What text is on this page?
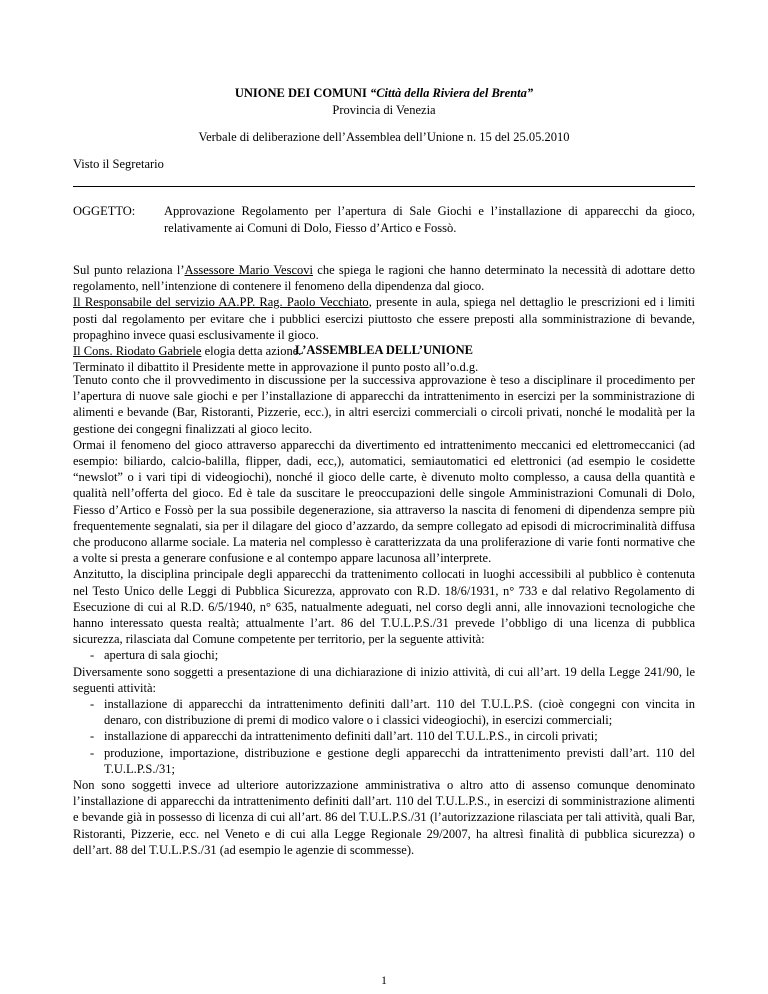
UNIONE DEI COMUNI “Città della Riviera del Brenta”

Provincia di Venezia

Verbale di deliberazione dell’Assemblea dell’Unione n. 15 del 25.05.2010

Visto il Segretario

OGGETTO: Approvazione Regolamento per l’apertura di Sale Giochi e l’installazione di apparecchi da gioco, relativamente ai Comuni di Dolo, Fiesso d’Artico e Fossò.

Sul punto relaziona l’Assessore Mario Vescovi che spiega le ragioni che hanno determinato la necessità di adottare detto regolamento, nell’intenzione di contenere il fenomeno della dipendenza dal gioco.
Il Responsabile del servizio AA.PP. Rag. Paolo Vecchiato, presente in aula, spiega nel dettaglio le prescrizioni ed i limiti posti dal regolamento per evitare che i pubblici esercizi piuttosto che essere preposti alla somministrazione di bevande, propaghino invece quasi esclusivamente il gioco.
Il Cons. Riodato Gabriele elogia detta azione.
Terminato il dibattito il Presidente mette in approvazione il punto posto all’o.d.g.

L’ASSEMBLEA DELL’UNIONE

Tenuto conto che il provvedimento in discussione per la successiva approvazione è teso a disciplinare il procedimento per l’apertura di nuove sale giochi e per l’installazione di apparecchi da intrattenimento in esercizi per la somministrazione di alimenti e bevande (Bar, Ristoranti, Pizzerie, ecc.), in altri esercizi commerciali o circoli privati, nonché le modalità per la gestione dei congegni finalizzati al gioco lecito.

Ormai il fenomeno del gioco attraverso apparecchi da divertimento ed intrattenimento meccanici ed elettromeccanici (ad esempio: biliardo, calcio-balilla, flipper, dadi, ecc,), automatici, semiautomatici ed elettronici (ad esempio le cosidette “newslot” o i vari tipi di videogiochi), nonché il gioco delle carte, è divenuto molto complesso, a causa della quantità e qualità nell’offerta del gioco. Ed è tale da suscitare le preoccupazioni delle singole Amministrazioni Comunali di Dolo, Fiesso d’Artico e Fossò per la sua possibile degenerazione, sia attraverso la nascita di fenomeni di dipendenza sempre più frequentemente segnalati, sia per il dilagare del gioco d’azzardo, da sempre collegato ad episodi di microcriminalità diffusa che producono allarme sociale. La materia nel complesso è caratterizzata da una proliferazione di varie fonti normative che a volte si presta a generare confusione e al contempo appare lacunosa all’interprete.

Anzitutto, la disciplina principale degli apparecchi da trattenimento collocati in luoghi accessibili al pubblico è contenuta nel Testo Unico delle Leggi di Pubblica Sicurezza, approvato con R.D. 18/6/1931, n° 733 e dal relativo Regolamento di Esecuzione di cui al R.D. 6/5/1940, n° 635, natualmente adeguati, nel corso degli anni, alle innovazioni tecnologiche che hanno interessato questa realtà; attualmente l’art. 86 del T.U.L.P.S./31 prevede l’obbligo di una licenza di pubblica sicurezza, rilasciata dal Comune competente per territorio, per la seguente attività:

- apertura di sala giochi;

Diversamente sono soggetti a presentazione di una dichiarazione di inizio attività, di cui all’art. 19 della Legge 241/90, le seguenti attività:

- installazione di apparecchi da intrattenimento definiti dall’art. 110 del T.U.L.P.S. (cioè congegni con vincita in denaro, con distribuzione di premi di modico valore o i classici videogiochi), in esercizi commerciali;
- installazione di apparecchi da intrattenimento definiti dall’art. 110 del T.U.L.P.S., in circoli privati;
- produzione, importazione, distribuzione e gestione degli apparecchi da intrattenimento previsti dall’art. 110 del T.U.L.P.S./31;

Non sono soggetti invece ad ulteriore autorizzazione amministrativa o altro atto di assenso comunque denominato l’installazione di apparecchi da intrattenimento definiti dall’art. 110 del T.U.L.P.S., in esercizi di somministrazione alimenti e bevande già in possesso di licenza di cui all’art. 86 del T.U.L.P.S./31 (l’autorizzazione rilasciata per tali attività, quali Bar, Ristoranti, Pizzerie, ecc. nel Veneto e di cui alla Legge Regionale 29/2007, ha altresì finalità di pubblica sicurezza) o dell’art. 88 del T.U.L.P.S./31 (ad esempio le agenzie di scommesse).

1
